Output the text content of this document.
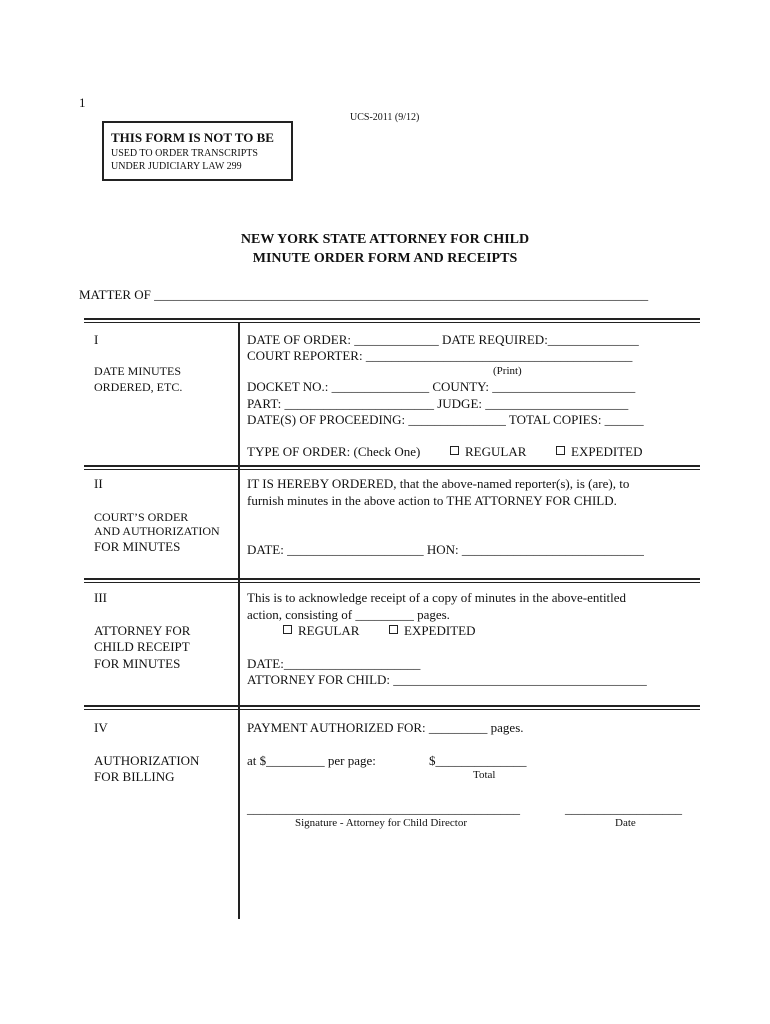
1
UCS-2011 (9/12)
THIS FORM IS NOT TO BE
USED TO ORDER TRANSCRIPTS
UNDER JUDICIARY LAW 299
NEW YORK STATE ATTORNEY FOR CHILD
MINUTE ORDER FORM AND RECEIPTS
MATTER OF ____________________________________________________________________________
I
DATE MINUTES
ORDERED, ETC.
DATE OF ORDER: _____________ DATE REQUIRED:______________
COURT REPORTER: _________________________________________
(Print)
DOCKET NO.: _______________ COUNTY: ______________________
PART: _______________________ JUDGE: ______________________
DATE(S) OF PROCEEDING: _______________ TOTAL COPIES: ______
TYPE OF ORDER: (Check One)	REGULAR	EXPEDITED
II
COURT’S ORDER
AND AUTHORIZATION
FOR MINUTES
IT IS HEREBY ORDERED, that the above-named reporter(s), is (are), to
furnish minutes in the above action to THE ATTORNEY FOR CHILD.
DATE: _____________________ HON: ____________________________
III
ATTORNEY FOR
CHILD RECEIPT
FOR MINUTES
This is to acknowledge receipt of a copy of minutes in the above-entitled
action, consisting of _________ pages.
REGULAR	EXPEDITED
DATE:_____________________
ATTORNEY FOR CHILD: _______________________________________
IV
AUTHORIZATION
FOR BILLING
PAYMENT AUTHORIZED FOR: _________ pages.
at $_________ per page:	$______________
Total
__________________________________________
Signature - Attorney for Child Director
__________________
Date
